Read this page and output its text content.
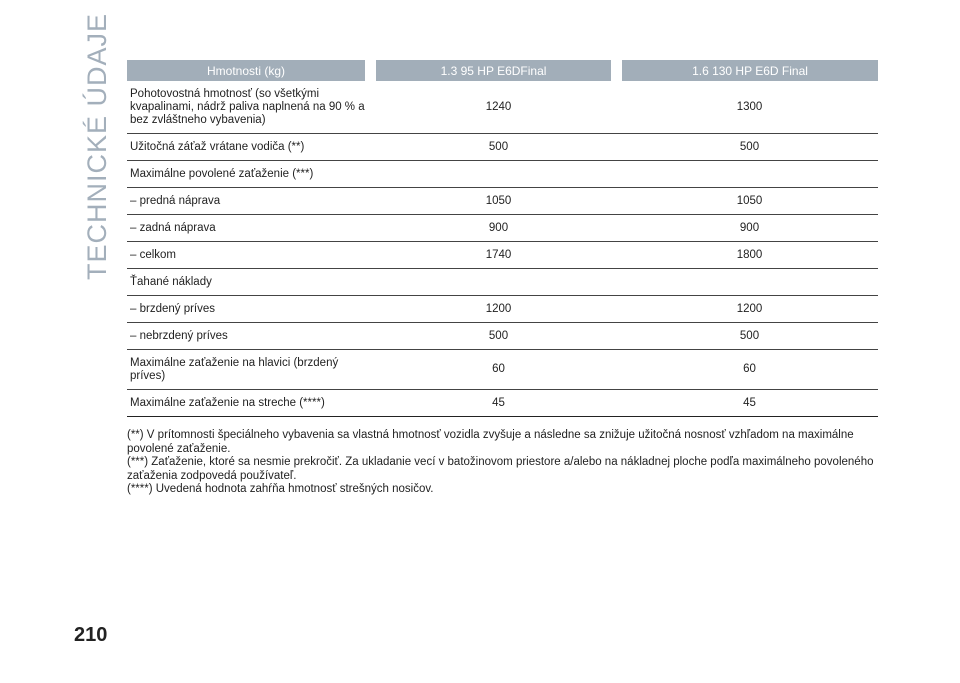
TECHNICKÉ ÚDAJE	Hmotnosti (kg)	1.3 95 HP E6DFinal	1.6 130 HP E6D Final
Pohotovostná hmotnosť (so všetkými kvapalinami, nádrž paliva naplnená na 90 % a bez zvláštneho vybavenia)	1240	1300
Užitočná záťaž vrátane vodiča (**)	500	500
Maximálne povolené zaťaženie (***)		
– predná náprava	1050	1050
– zadná náprava	900	900
– celkom	1740	1800
Ťahané náklady		
– brzdený príves	1200	1200
– nebrzdený príves	500	500
Maximálne zaťaženie na hlavici (brzdený príves)	60	60
Maximálne zaťaženie na streche (****)	45	45

(**) V prítomnosti špeciálneho vybavenia sa vlastná hmotnosť vozidla zvyšuje a následne sa znižuje užitočná nosnosť vzhľadom na maximálne povolené zaťaženie.

(***) Zaťaženie, ktoré sa nesmie prekročiť. Za ukladanie vecí v batožinovom priestore a/alebo na nákladnej ploche podľa maximálneho povoleného zaťaženia zodpovedá používateľ.

(****) Uvedená hodnota zahŕňa hmotnosť strešných nosičov.

210
